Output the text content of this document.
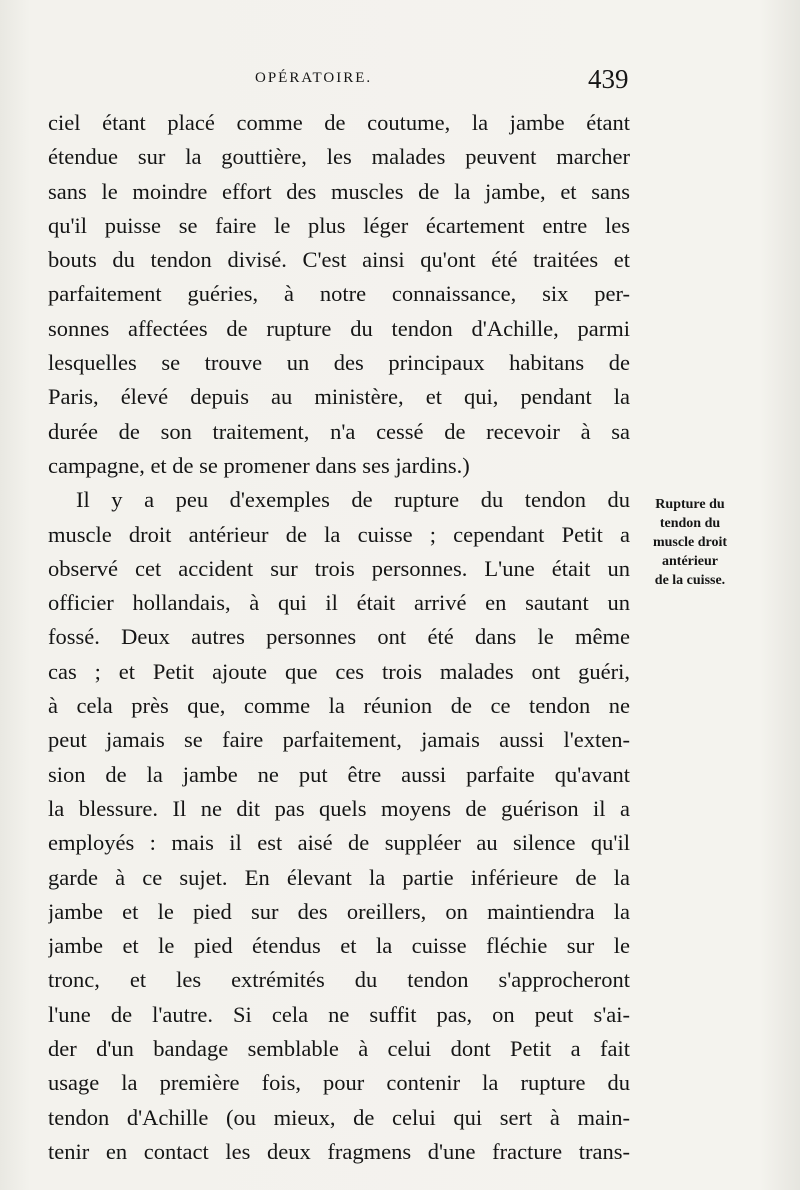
OPÉRATOIRE.	439
ciel étant placé comme de coutume, la jambe étant
étendue sur la gouttière, les malades peuvent marcher
sans le moindre effort des muscles de la jambe, et sans
qu'il puisse se faire le plus léger écartement entre les
bouts du tendon divisé. C'est ainsi qu'ont été traitées et
parfaitement guéries, à notre connaissance, six per-
sonnes affectées de rupture du tendon d'Achille, parmi
lesquelles se trouve un des principaux habitans de
Paris, élevé depuis au ministère, et qui, pendant la
durée de son traitement, n'a cessé de recevoir à sa
campagne, et de se promener dans ses jardins.)
Il y a peu d'exemples de rupture du tendon du
muscle droit antérieur de la cuisse ; cependant Petit a
observé cet accident sur trois personnes. L'une était un
officier hollandais, à qui il était arrivé en sautant un
fossé. Deux autres personnes ont été dans le même
cas ; et Petit ajoute que ces trois malades ont guéri,
à cela près que, comme la réunion de ce tendon ne
peut jamais se faire parfaitement, jamais aussi l'exten-
sion de la jambe ne put être aussi parfaite qu'avant
la blessure. Il ne dit pas quels moyens de guérison il a
employés : mais il est aisé de suppléer au silence qu'il
garde à ce sujet. En élevant la partie inférieure de la
jambe et le pied sur des oreillers, on maintiendra la
jambe et le pied étendus et la cuisse fléchie sur le
tronc, et les extrémités du tendon s'approcheront
l'une de l'autre. Si cela ne suffit pas, on peut s'ai-
der d'un bandage semblable à celui dont Petit a fait
usage la première fois, pour contenir la rupture du
tendon d'Achille (ou mieux, de celui qui sert à main-
tenir en contact les deux fragmens d'une fracture trans-
Rupture du
tendon du
muscle droit
antérieur
de la cuisse.
